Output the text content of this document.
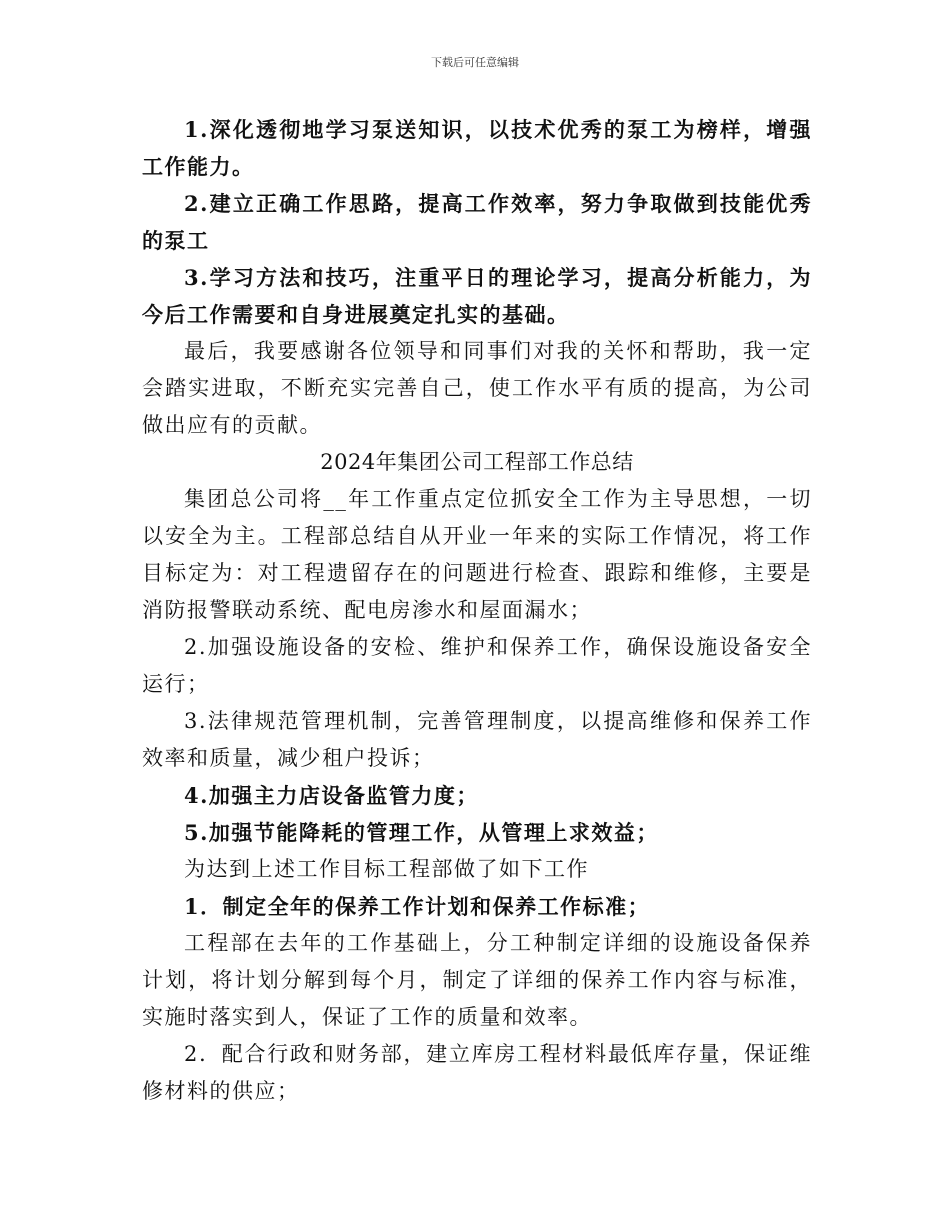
下载后可任意编辑

1.深化透彻地学习泵送知识，以技术优秀的泵工为榜样，增强工作能力。

2.建立正确工作思路，提高工作效率，努力争取做到技能优秀的泵工

3.学习方法和技巧，注重平日的理论学习，提高分析能力，为今后工作需要和自身进展奠定扎实的基础。

最后，我要感谢各位领导和同事们对我的关怀和帮助，我一定会踏实进取，不断充实完善自己，使工作水平有质的提高，为公司做出应有的贡献。

2024年集团公司工程部工作总结

集团总公司将__年工作重点定位抓安全工作为主导思想，一切以安全为主。工程部总结自从开业一年来的实际工作情况，将工作目标定为：对工程遗留存在的问题进行检查、跟踪和维修，主要是消防报警联动系统、配电房渗水和屋面漏水；

2.加强设施设备的安检、维护和保养工作，确保设施设备安全运行；

3.法律规范管理机制，完善管理制度，以提高维修和保养工作效率和质量，减少租户投诉；

4.加强主力店设备监管力度；

5.加强节能降耗的管理工作，从管理上求效益；

为达到上述工作目标工程部做了如下工作

1．制定全年的保养工作计划和保养工作标准；

工程部在去年的工作基础上，分工种制定详细的设施设备保养计划，将计划分解到每个月，制定了详细的保养工作内容与标准，实施时落实到人，保证了工作的质量和效率。

2．配合行政和财务部，建立库房工程材料最低库存量，保证维修材料的供应；
